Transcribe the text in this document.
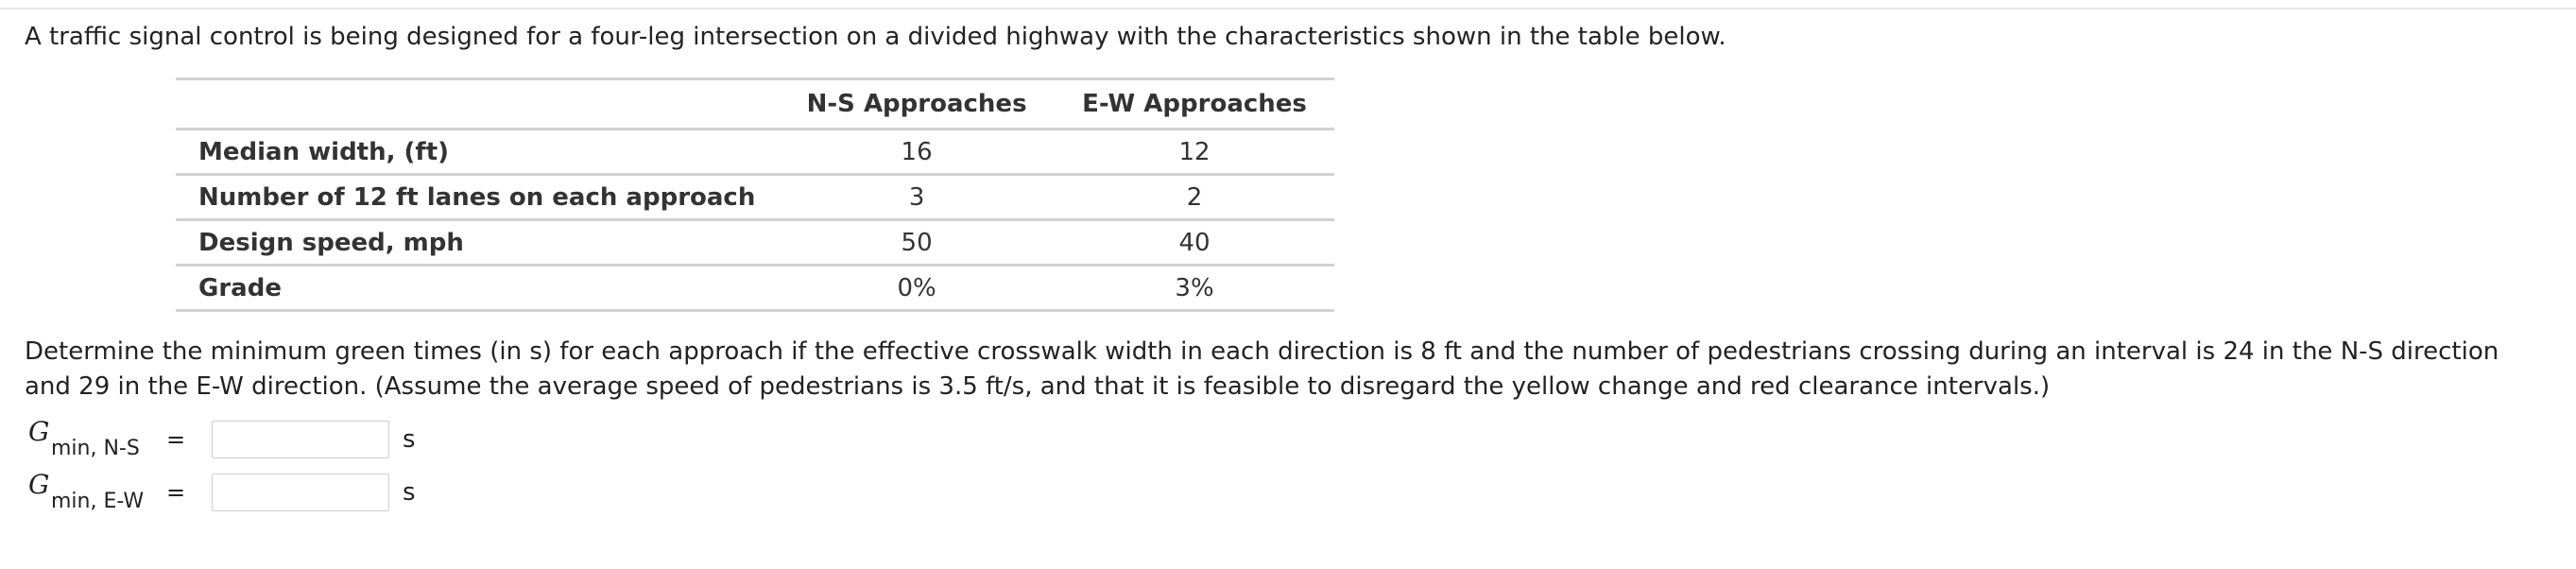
A traffic signal control is being designed for a four-leg intersection on a divided highway with the characteristics shown in the table below.
	N-S Approaches	E-W Approaches
Median width, (ft)	16	12
Number of 12 ft lanes on each approach	3	2
Design speed, mph	50	40
Grade	0%	3%
Determine the minimum green times (in s) for each approach if the effective crosswalk width in each direction is 8 ft and the number of pedestrians crossing during an interval is 24 in the N-S direction and 29 in the E-W direction. (Assume the average speed of pedestrians is 3.5 ft/s, and that it is feasible to disregard the yellow change and red clearance intervals.)
G
min, N-S =	s
G
min, E-W =	s
